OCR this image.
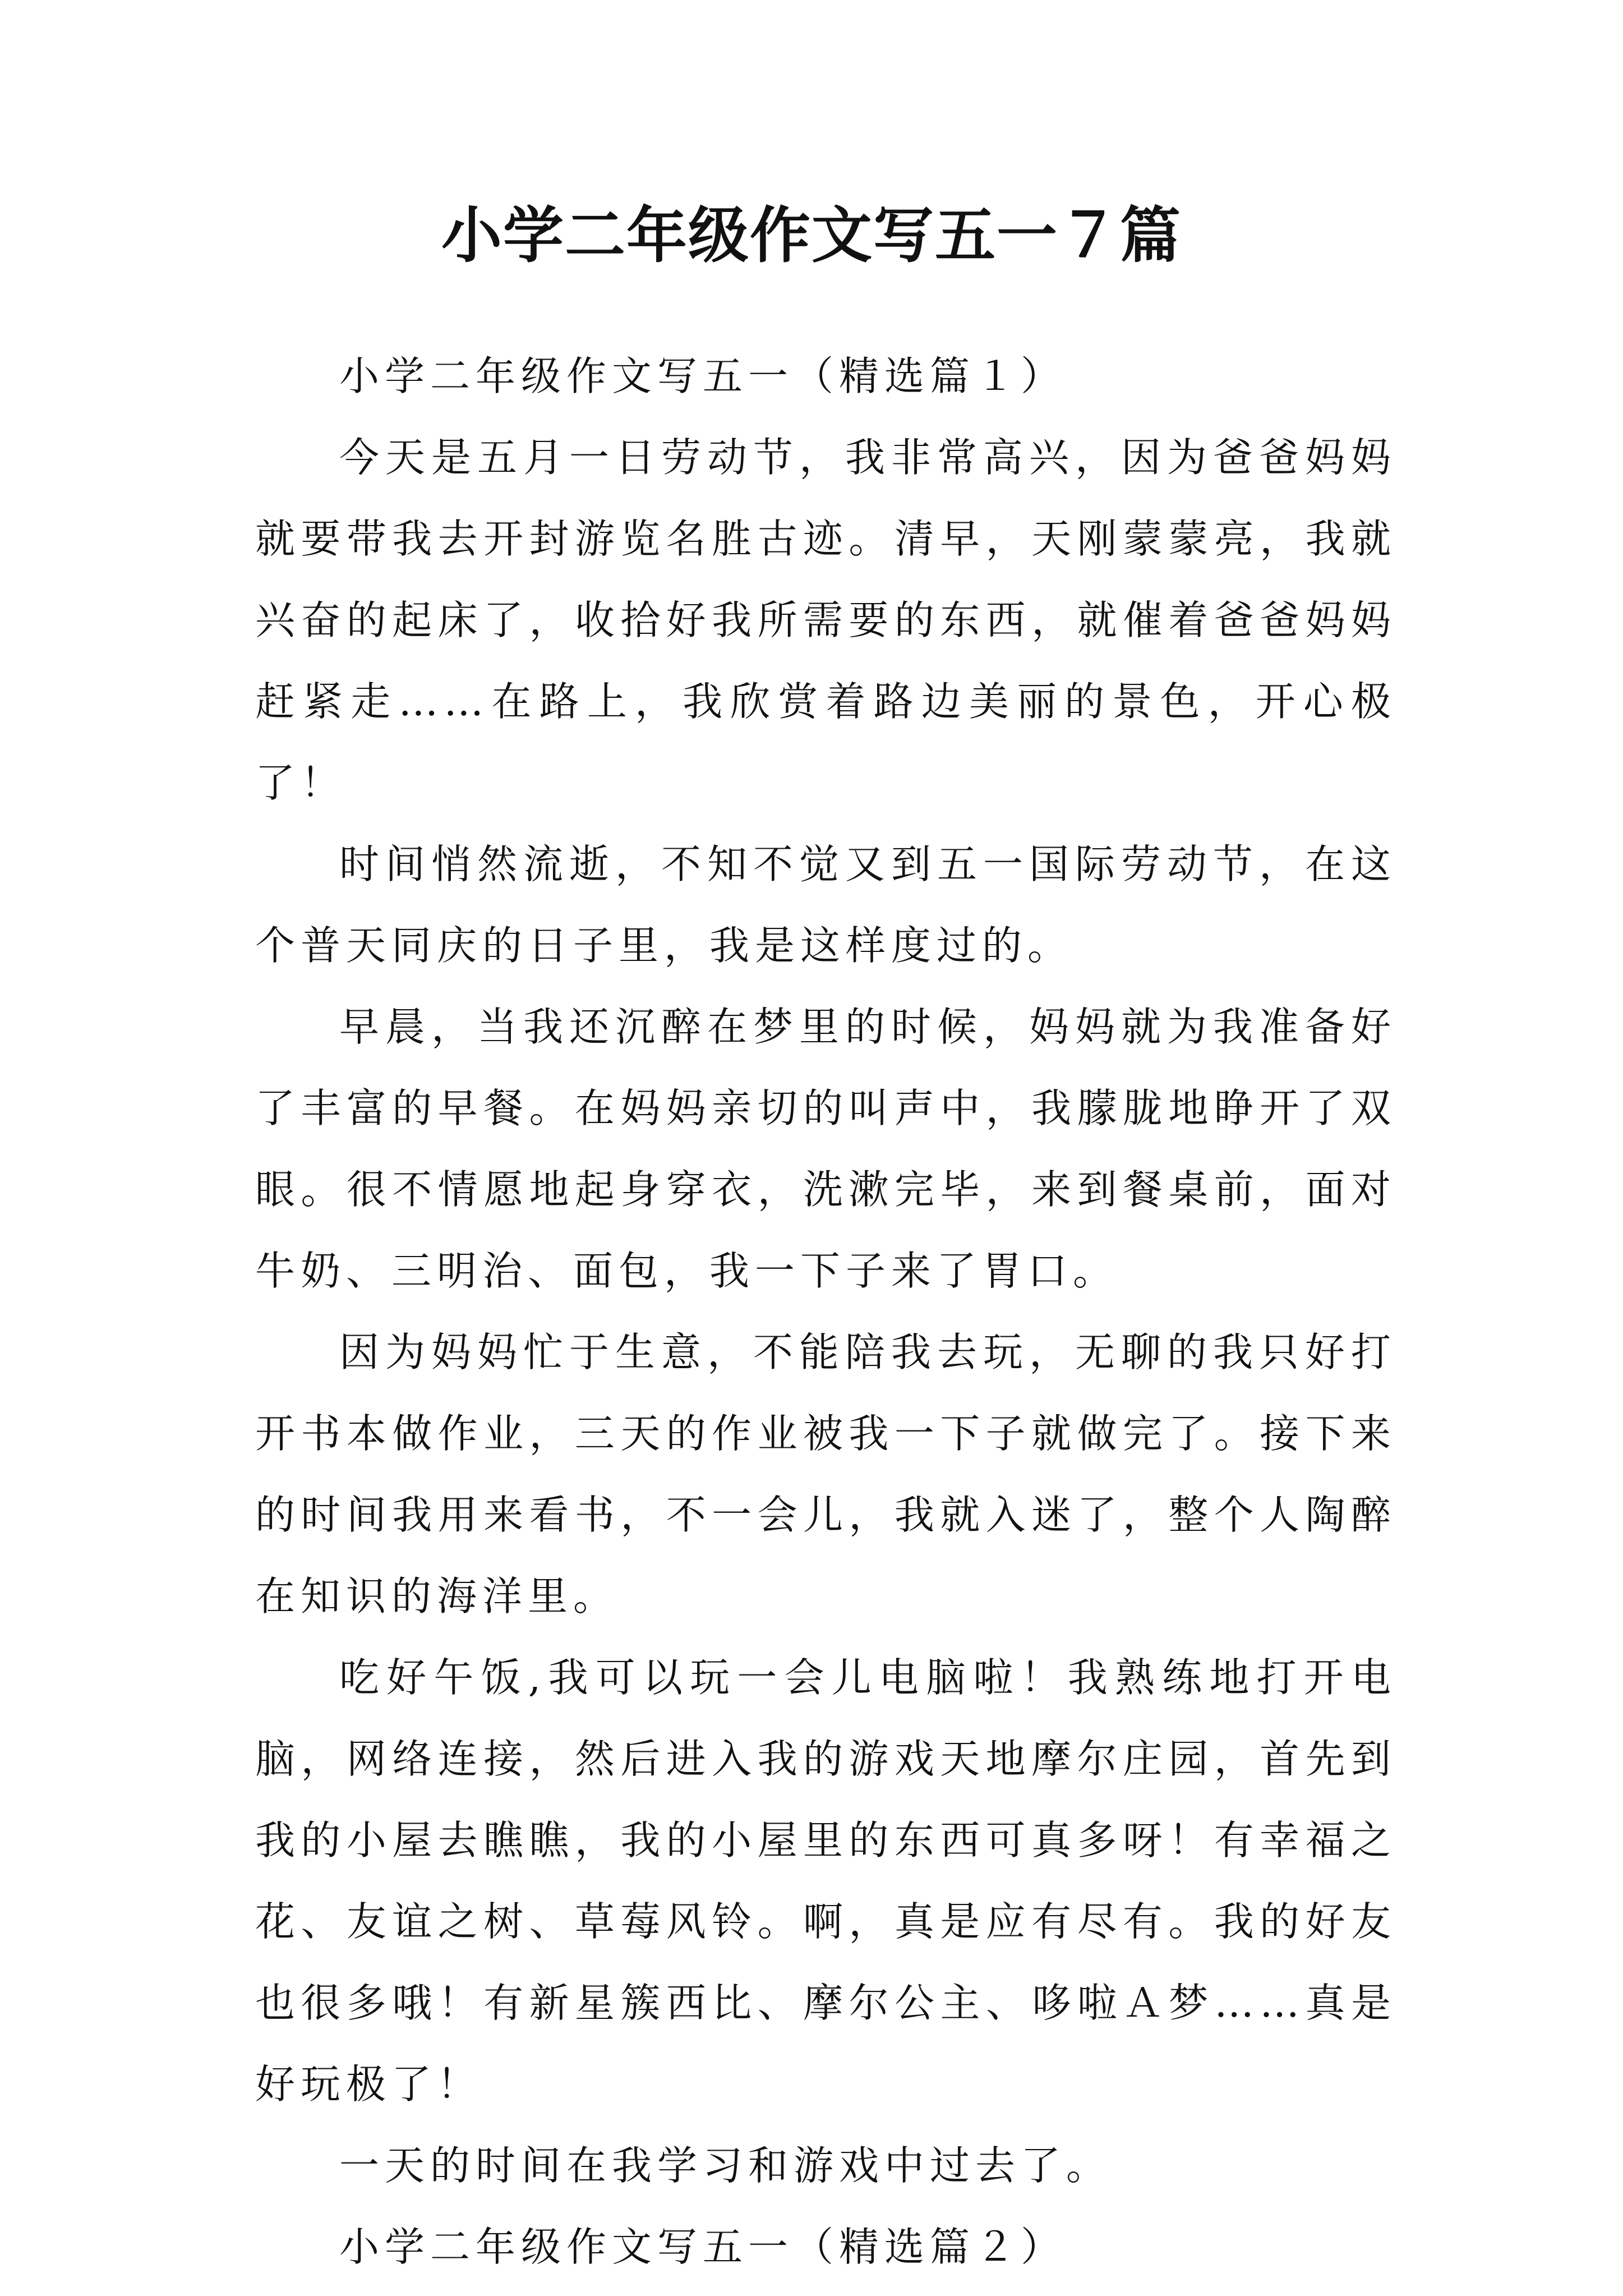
小学二年级作文写五一７篇

小学二年级作文写五一（精选篇１）

今天是五月一日劳动节，我非常高兴，因为爸爸妈妈就要带我去开封游览名胜古迹。清早，天刚蒙蒙亮，我就兴奋的起床了，收拾好我所需要的东西，就催着爸爸妈妈赶紧走……在路上，我欣赏着路边美丽的景色，开心极了！

时间悄然流逝，不知不觉又到五一国际劳动节，在这个普天同庆的日子里，我是这样度过的。

早晨，当我还沉醉在梦里的时候，妈妈就为我准备好了丰富的早餐。在妈妈亲切的叫声中，我朦胧地睁开了双眼。很不情愿地起身穿衣，洗漱完毕，来到餐桌前，面对牛奶、三明治、面包，我一下子来了胃口。

因为妈妈忙于生意，不能陪我去玩，无聊的我只好打开书本做作业，三天的作业被我一下子就做完了。接下来的时间我用来看书，不一会儿，我就入迷了，整个人陶醉在知识的海洋里。

吃好午饭,我可以玩一会儿电脑啦！我熟练地打开电脑，网络连接，然后进入我的游戏天地摩尔庄园，首先到我的小屋去瞧瞧，我的小屋里的东西可真多呀！有幸福之花、友谊之树、草莓风铃。啊，真是应有尽有。我的好友也很多哦！有新星簇西比、摩尔公主、哆啦Ａ梦……真是好玩极了！

一天的时间在我学习和游戏中过去了。

小学二年级作文写五一（精选篇２）
